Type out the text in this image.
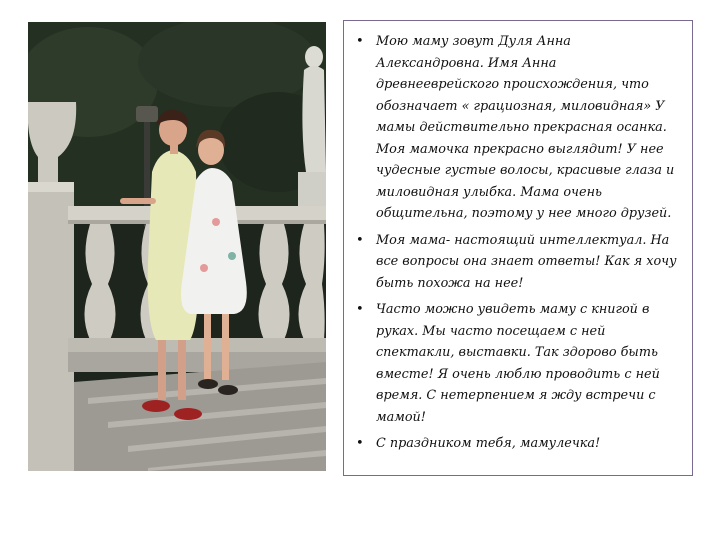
• Мою маму зовут Дуля Анна Александровна. Имя Анна древнееврейского происхождения, что обозначает « грациозная, миловидная» У мамы действительно прекрасная осанка. Моя мамочка прекрасно выглядит! У нее чудесные густые волосы, красивые глаза и миловидная улыбка. Мама очень общительна, поэтому у нее много друзей.
• Моя мама- настоящий интеллектуал. На все вопросы она знает ответы! Как я хочу быть похожа на нее!
• Часто можно увидеть маму с книгой в руках. Мы часто посещаем с ней спектакли, выставки. Так здорово быть вместе! Я очень люблю проводить с ней время. С нетерпением я жду встречи с мамой!
• С праздником тебя, мамулечка!
